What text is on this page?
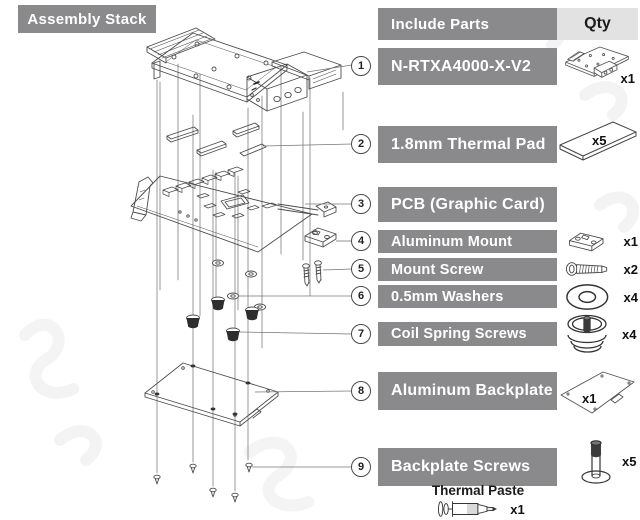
Assembly Stack	Include Parts	Qty
1
2
3
4
5
6
7
8
9
N-RTXA4000-X-V2
1.8mm Thermal Pad
PCB (Graphic Card)
Aluminum Mount
Mount Screw
0.5mm Washers
Coil Spring Screws
Aluminum Backplate
Backplate Screws
x1
x5
x1
x2
x4
x4
x1
x5
Thermal Paste
x1
